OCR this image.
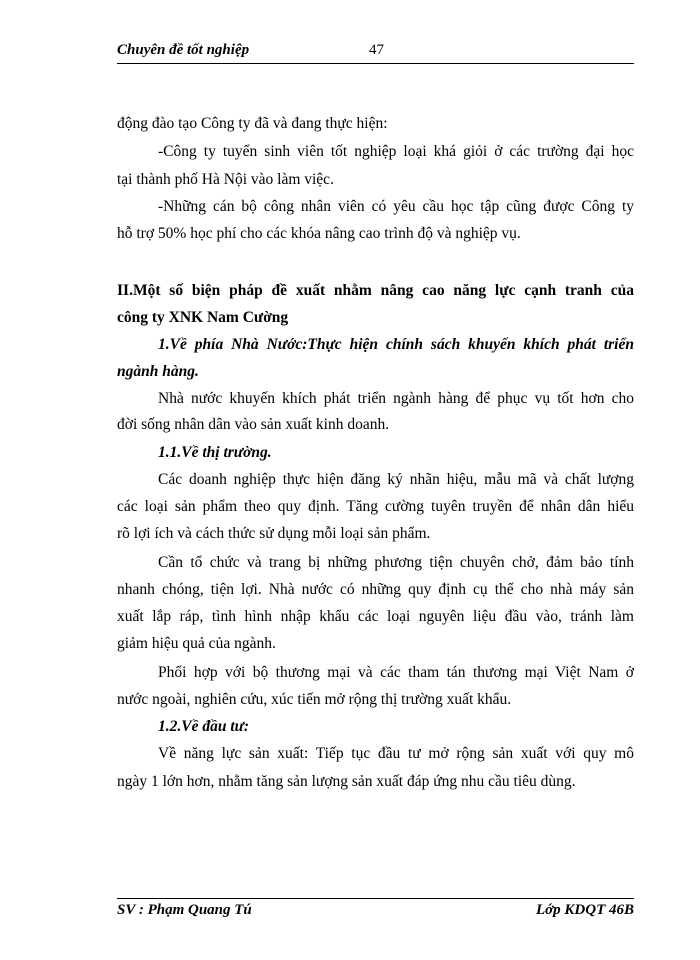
Chuyên đề tốt nghiệp	47
động đào tạo Công ty đã và đang thực hiện:
-Công ty tuyển sinh viên tốt nghiệp loại khá giỏi ở các trường đại học
tại thành phố Hà Nội vào làm việc.
-Những cán bộ công nhân viên có yêu cầu học tập cũng được Công ty
hỗ trợ 50% học phí cho các khóa nâng cao trình độ và nghiệp vụ.
II.Một số biện pháp đề xuất nhằm nâng cao năng lực cạnh tranh của
công ty XNK Nam Cường
1.Về phía Nhà Nước:Thực hiện chính sách khuyến khích phát triển
ngành hàng.
Nhà nước khuyến khích phát triển ngành hàng để phục vụ tốt hơn cho
đời sống nhân dân vào sản xuất kinh doanh.
1.1.Về thị trường.
Các doanh nghiệp thực hiện đăng ký nhãn hiệu, mẫu mã và chất lượng
các loại sản phẩm theo quy định. Tăng cường tuyên truyền để nhân dân hiểu
rõ lợi ích và cách thức sử dụng mỗi loại sản phẩm.
Cần tổ chức và trang bị những phương tiện chuyên chở, đảm bảo tính
nhanh chóng, tiện lợi. Nhà nước có những quy định cụ thể cho nhà máy sản
xuất lắp ráp, tình hình nhập khẩu các loại nguyên liệu đầu vào, tránh làm
giảm hiệu quả của ngành.
Phối hợp với bộ thương mại và các tham tán thương mại Việt Nam ở
nước ngoài, nghiên cứu, xúc tiến mở rộng thị trường xuất khẩu.
1.2.Về đầu tư:
Về năng lực sản xuất: Tiếp tục đầu tư mở rộng sản xuất với quy mô
ngày 1 lớn hơn, nhằm tăng sản lượng sản xuất đáp ứng nhu cầu tiêu dùng.
SV : Phạm Quang Tú	Lớp KDQT 46B
